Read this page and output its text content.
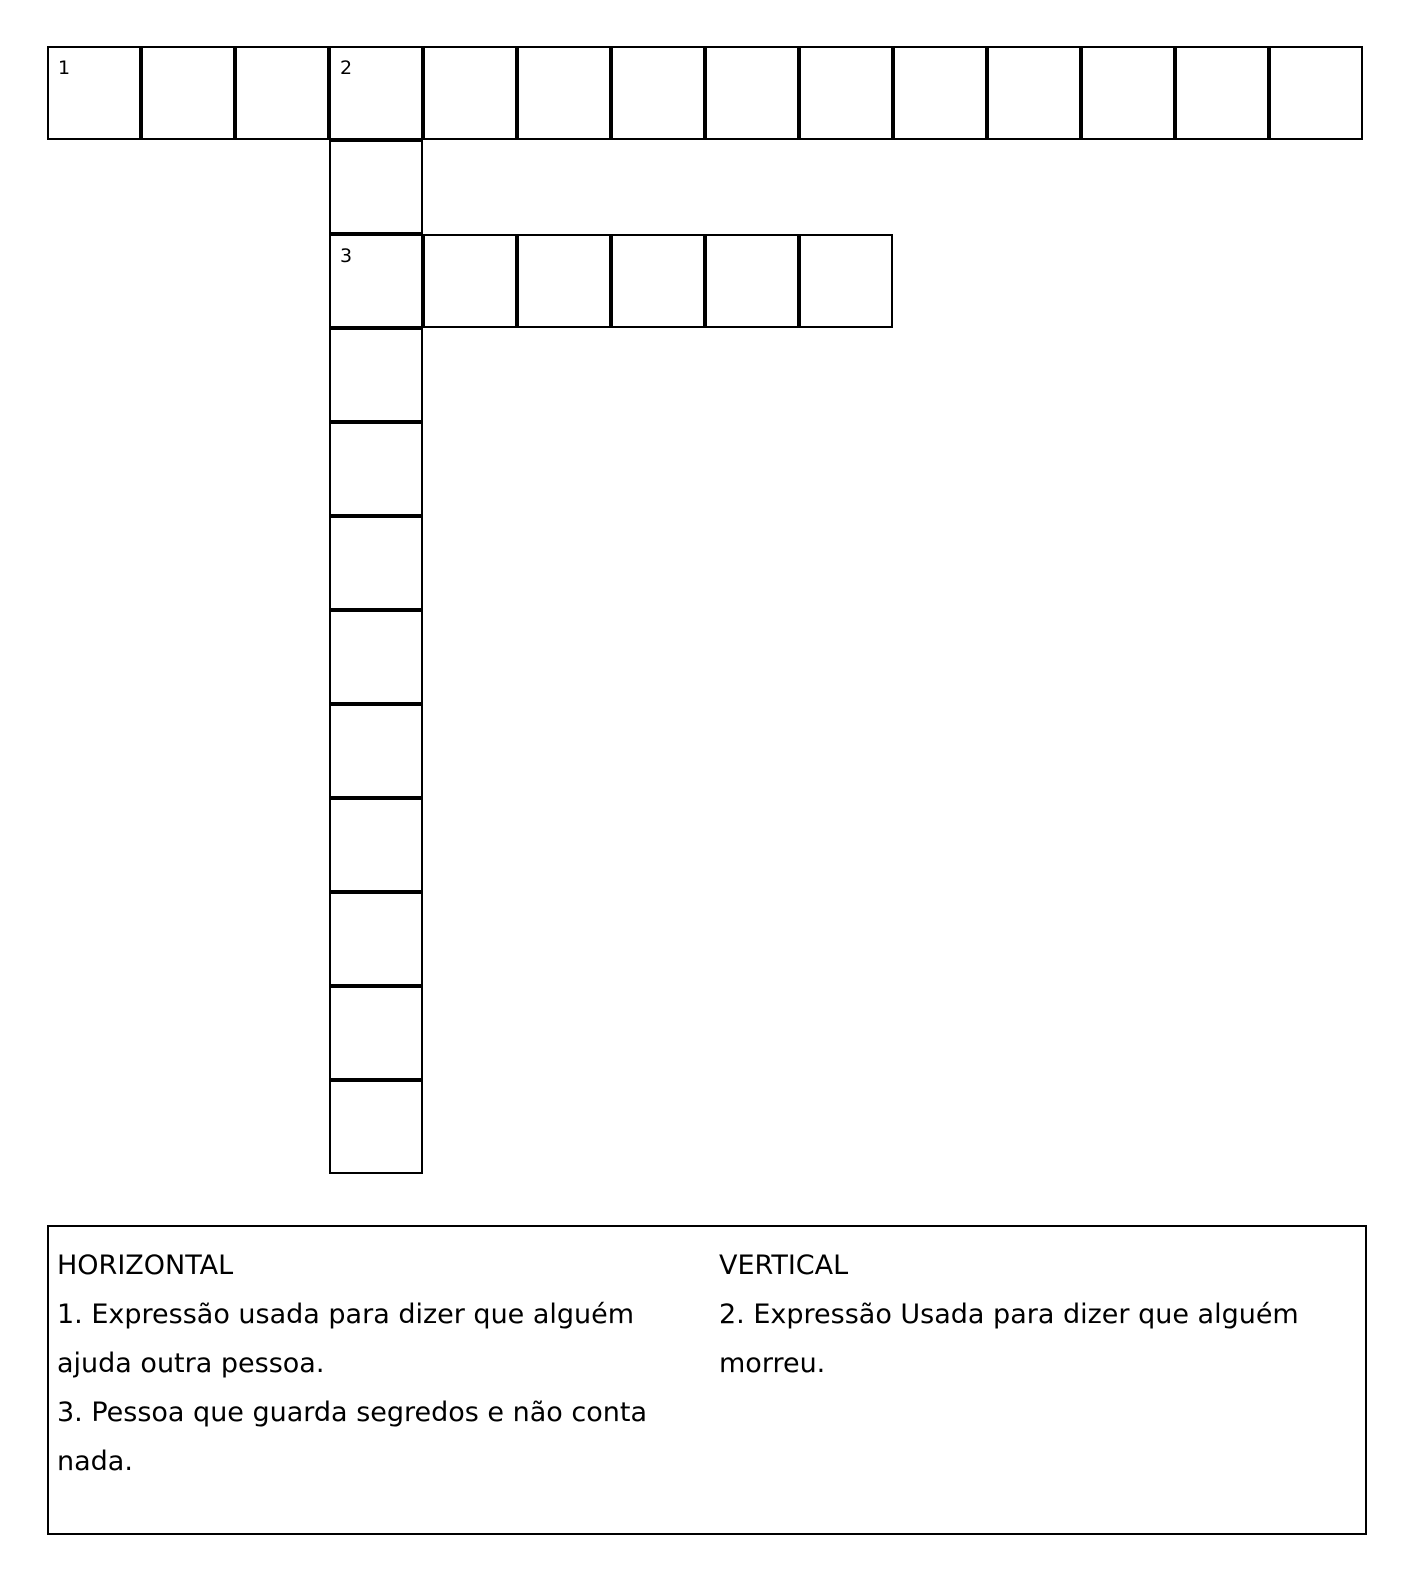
1	2
3
HORIZONTAL
1. Expressão usada para dizer que alguém ajuda outra pessoa.
3. Pessoa que guarda segredos e não conta nada.
VERTICAL
2. Expressão Usada para dizer que alguém morreu.
